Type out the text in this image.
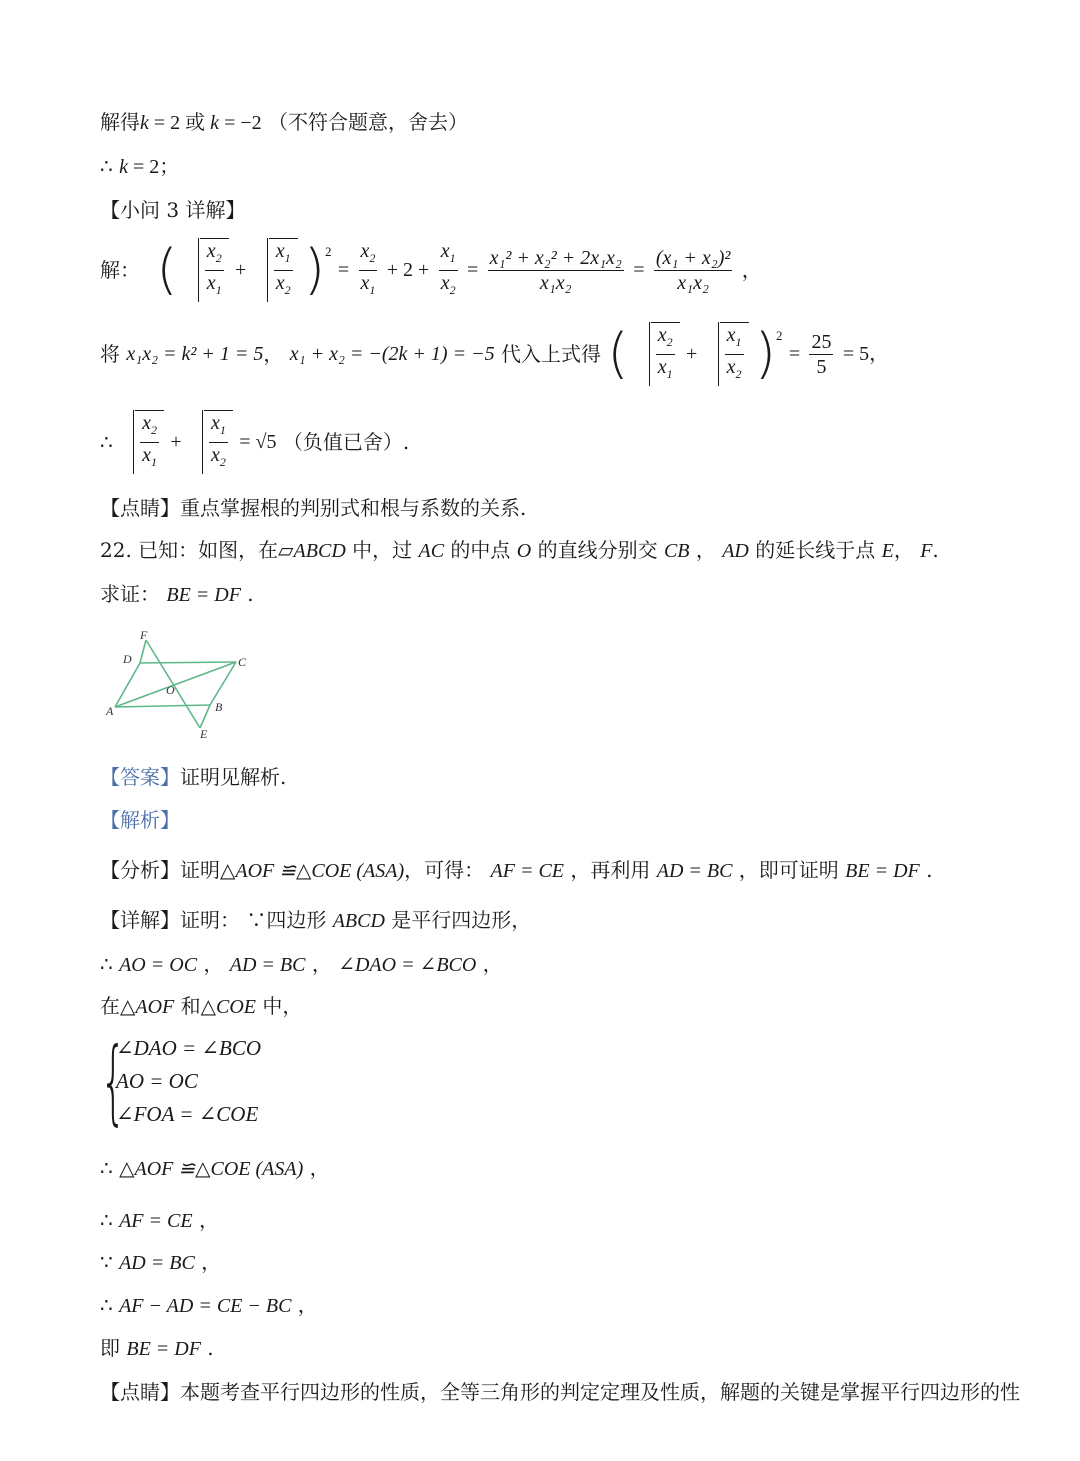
解得k = 2 或 k = −2 （不符合题意，舍去）
∴ k = 2；
【小问 3 详解】
解： ( $\frac{x_2}{x_1} + \frac{x_1}{x_2} )^2 = \frac{x_2}{x_1} + 2 + \frac{x_1}{x_2} = \frac{\text{x₁² + x₂² + 2x₁x₂}}{\text{x₁x₂}} = \frac{\text{(x₁ + x₂)²}}{\text{x₁x₂}}$ ，
将 x₁x₂ = k² + 1 = 5， x₁ + x₂ = −(2k + 1) = −5 代入上式得 ( $\frac{x_2}{x_1} + \frac{x_1}{x_2} )^2 = \frac{25}{5} = 5$，
∴ $\frac{x_2}{x_1} + \frac{x_1}{x_2} = √5$ （负值已舍）.
【点睛】重点掌握根的判别式和根与系数的关系.
22. 已知：如图，在▱ABCD 中，过 AC 的中点 O 的直线分别交 CB ， AD 的延长线于点 E， F.
求证： BE = DF .
F
D	C
O
A	B
E
【答案】证明见解析.
【解析】
【分析】证明△AOF ≌△COE (ASA)，可得： AF = CE ，再利用 AD = BC ，即可证明 BE = DF .
【详解】证明： ∵四边形 ABCD 是平行四边形，
∴ AO = OC ， AD = BC ， ∠DAO = ∠BCO ，
在△AOF 和△COE 中，
{
∠DAO = ∠BCO
AO = OC
∠FOA = ∠COE
∴ △AOF ≌△COE (ASA) ，
∴ AF = CE ，
∵ AD = BC ，
∴ AF − AD = CE − BC ，
即 BE = DF .
【点睛】本题考查平行四边形的性质，全等三角形的判定定理及性质，解题的关键是掌握平行四边形的性
